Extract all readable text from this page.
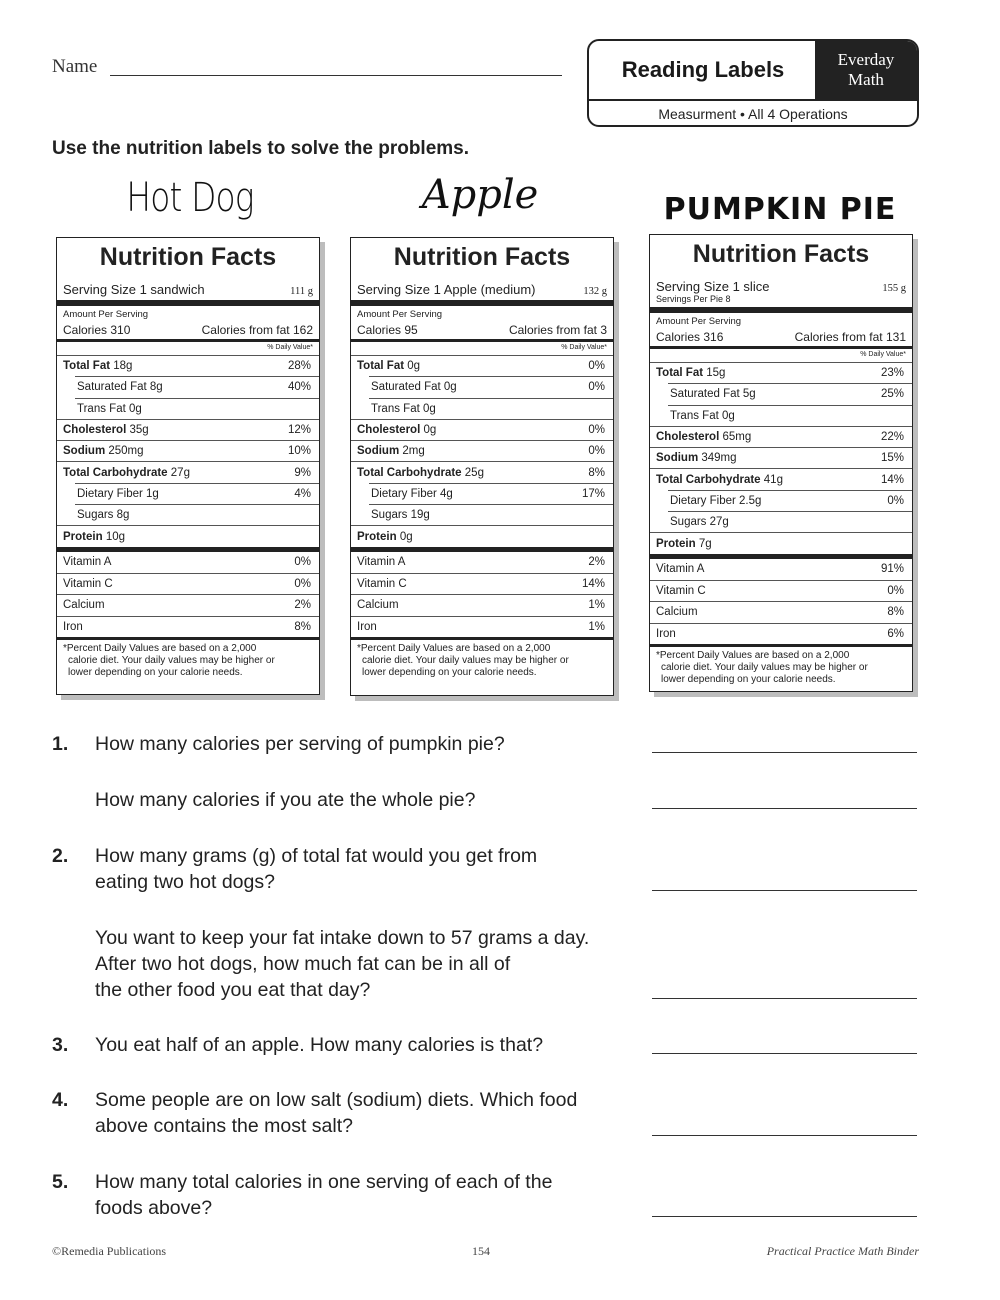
Name	Reading Labels	Everday
Math
Measurment • All 4 Operations
Use the nutrition labels to solve the problems.
Hot Dog	Apple	PUMPKIN PIE
Nutrition Facts
Serving Size 1 sandwich	111 g
Amount Per Serving
Calories 310	Calories from fat 162
% Daily Value*
Total Fat 18g	28%
Saturated Fat 8g	40%
Trans Fat 0g
Cholesterol 35g	12%
Sodium 250mg	10%
Total Carbohydrate 27g	9%
Dietary Fiber 1g	4%
Sugars 8g
Protein 10g
Vitamin A	0%
Vitamin C	0%
Calcium	2%
Iron	8%
*Percent Daily Values are based on a 2,000
calorie diet. Your daily values may be higher or
lower depending on your calorie needs.
Nutrition Facts
Serving Size 1 Apple (medium)	132 g
Amount Per Serving
Calories 95	Calories from fat 3
% Daily Value*
Total Fat 0g	0%
Saturated Fat 0g	0%
Trans Fat 0g
Cholesterol 0g	0%
Sodium 2mg	0%
Total Carbohydrate 25g	8%
Dietary Fiber 4g	17%
Sugars 19g
Protein 0g
Vitamin A	2%
Vitamin C	14%
Calcium	1%
Iron	1%
*Percent Daily Values are based on a 2,000
calorie diet. Your daily values may be higher or
lower depending on your calorie needs.
Nutrition Facts
Serving Size 1 slice	155 g
Servings Per Pie 8
Amount Per Serving
Calories 316	Calories from fat 131
% Daily Value*
Total Fat 15g	23%
Saturated Fat 5g	25%
Trans Fat 0g
Cholesterol 65mg	22%
Sodium 349mg	15%
Total Carbohydrate 41g	14%
Dietary Fiber 2.5g	0%
Sugars 27g
Protein 7g
Vitamin A	91%
Vitamin C	0%
Calcium	8%
Iron	6%
*Percent Daily Values are based on a 2,000
calorie diet. Your daily values may be higher or
lower depending on your calorie needs.
1. How many calories per serving of pumpkin pie?
How many calories if you ate the whole pie?
2. How many grams (g) of total fat would you get from
eating two hot dogs?
You want to keep your fat intake down to 57 grams a day.
After two hot dogs, how much fat can be in all of
the other food you eat that day?
3. You eat half of an apple. How many calories is that?
4. Some people are on low salt (sodium) diets. Which food
above contains the most salt?
5. How many total calories in one serving of each of the
foods above?
©Remedia Publications	154	Practical Practice Math Binder
